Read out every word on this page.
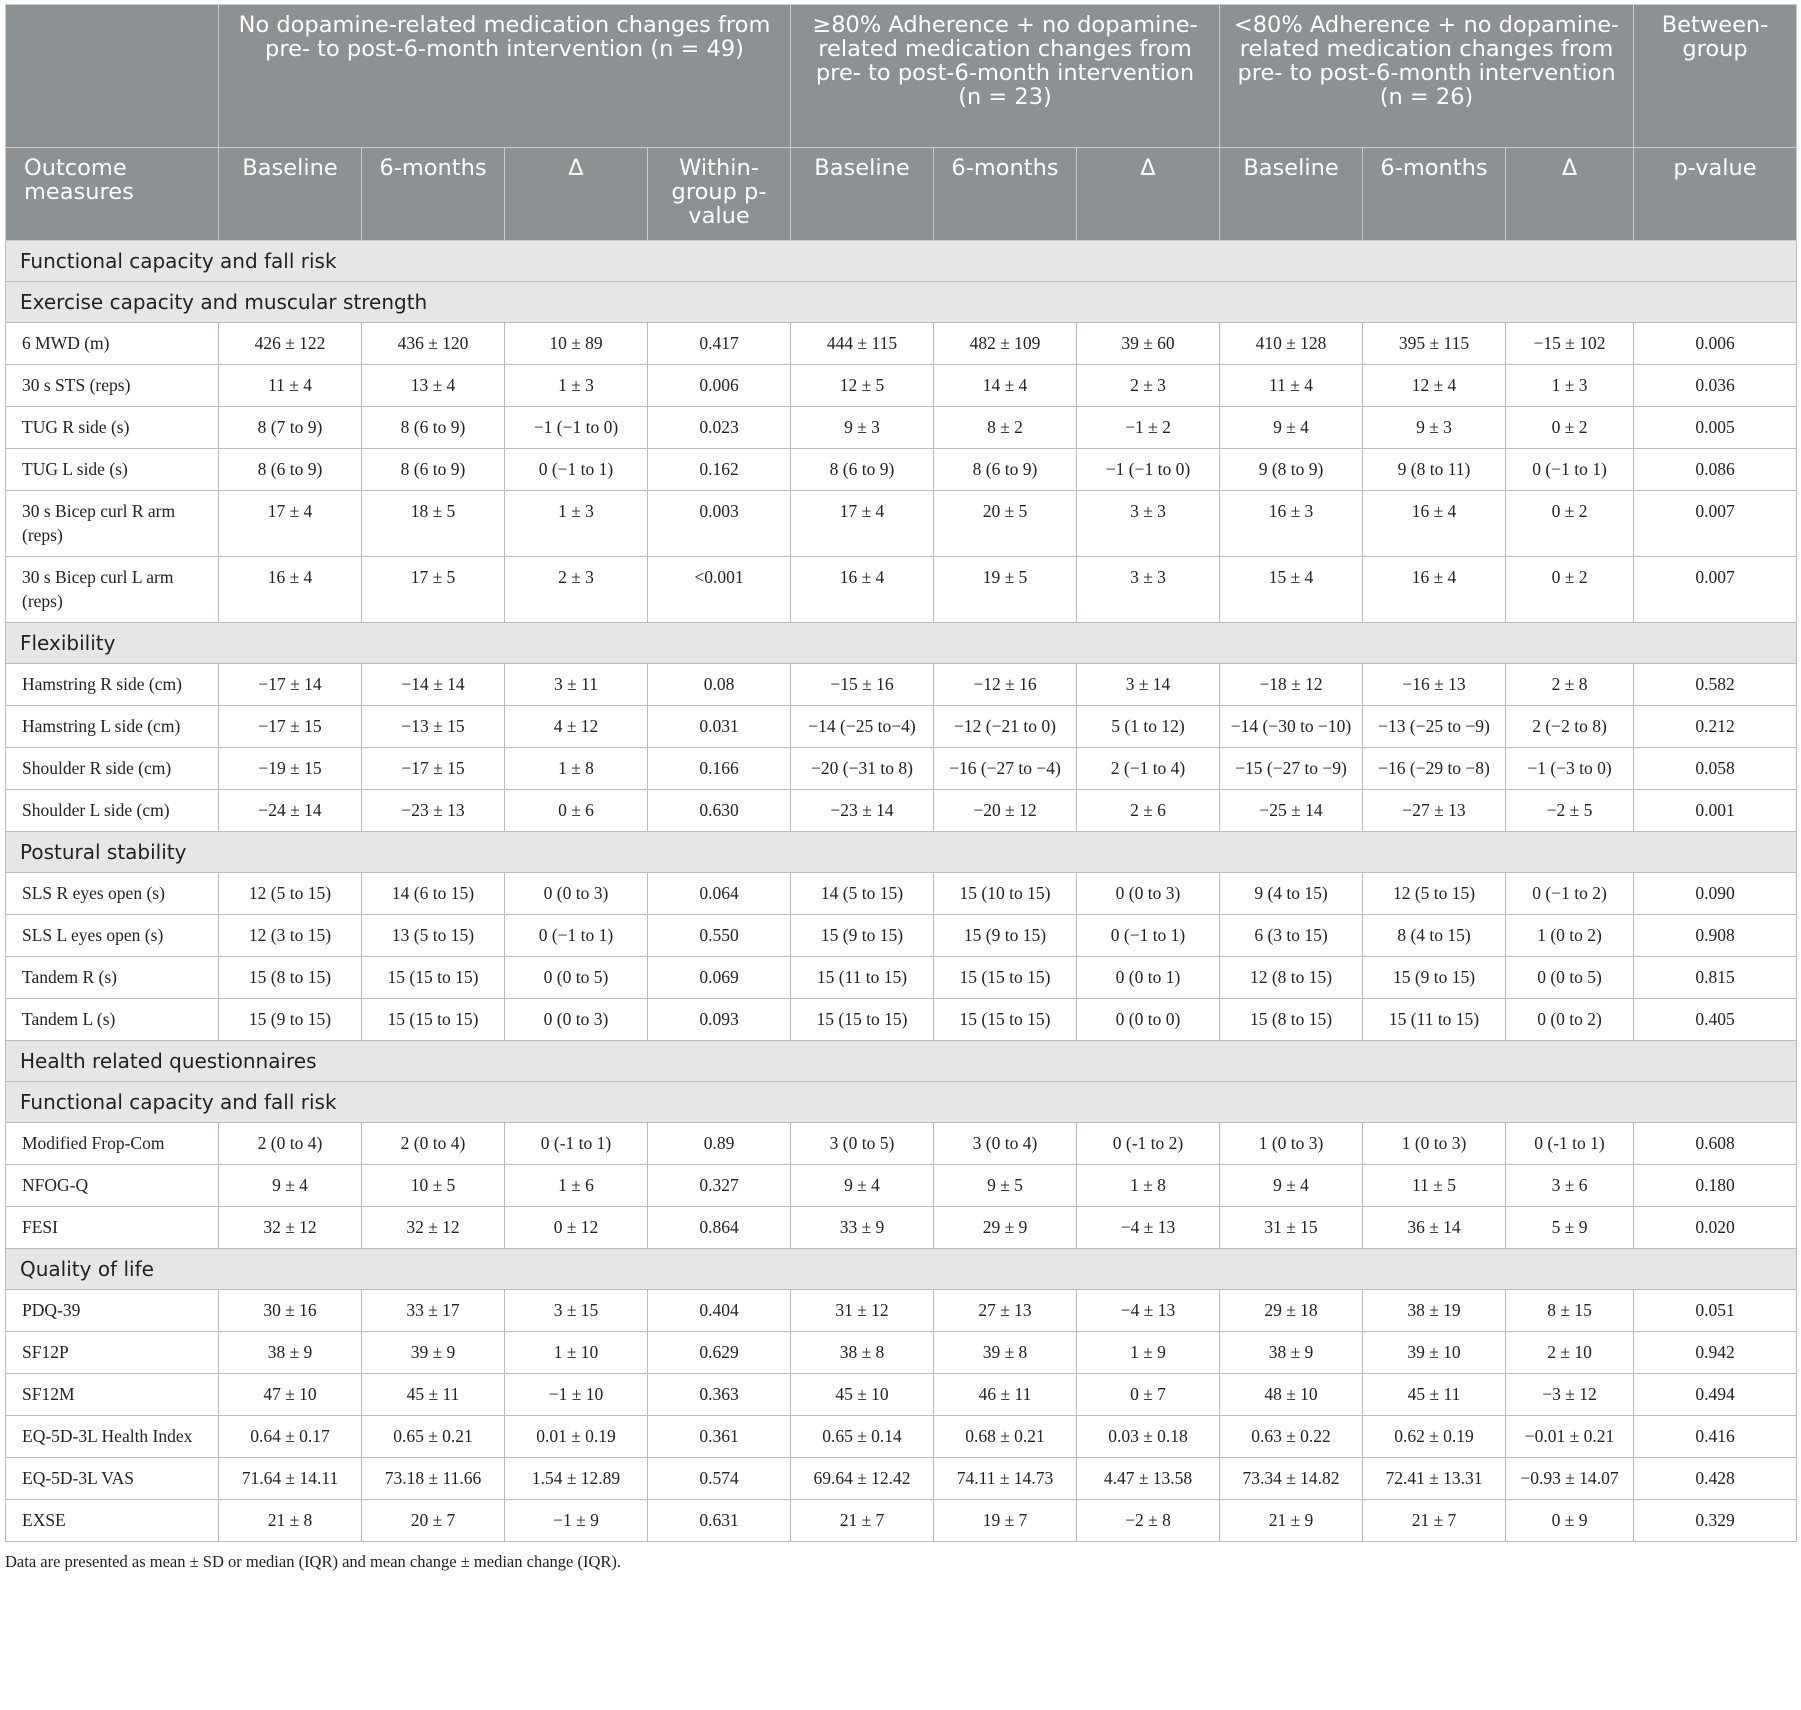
	No dopamine-related medication changes from pre- to post-6-month intervention (n = 49)				≥80% Adherence + no dopamine-related medication changes from pre- to post-6-month intervention (n = 23)			<80% Adherence + no dopamine-related medication changes from pre- to post-6-month intervention (n = 26)			Between-group
Outcome measures	Baseline	6-months	Δ	Within-group p-value	Baseline	6-months	Δ	Baseline	6-months	Δ	p-value
Functional capacity and fall risk											
Exercise capacity and muscular strength											
6 MWD (m)	426 ± 122	436 ± 120	10 ± 89	0.417	444 ± 115	482 ± 109	39 ± 60	410 ± 128	395 ± 115	−15 ± 102	0.006
30 s STS (reps)	11 ± 4	13 ± 4	1 ± 3	0.006	12 ± 5	14 ± 4	2 ± 3	11 ± 4	12 ± 4	1 ± 3	0.036
TUG R side (s)	8 (7 to 9)	8 (6 to 9)	−1 (−1 to 0)	0.023	9 ± 3	8 ± 2	−1 ± 2	9 ± 4	9 ± 3	0 ± 2	0.005
TUG L side (s)	8 (6 to 9)	8 (6 to 9)	0 (−1 to 1)	0.162	8 (6 to 9)	8 (6 to 9)	−1 (−1 to 0)	9 (8 to 9)	9 (8 to 11)	0 (−1 to 1)	0.086
30 s Bicep curl R arm (reps)	17 ± 4	18 ± 5	1 ± 3	0.003	17 ± 4	20 ± 5	3 ± 3	16 ± 3	16 ± 4	0 ± 2	0.007
30 s Bicep curl L arm (reps)	16 ± 4	17 ± 5	2 ± 3	<0.001	16 ± 4	19 ± 5	3 ± 3	15 ± 4	16 ± 4	0 ± 2	0.007
Flexibility											
Hamstring R side (cm)	−17 ± 14	−14 ± 14	3 ± 11	0.08	−15 ± 16	−12 ± 16	3 ± 14	−18 ± 12	−16 ± 13	2 ± 8	0.582
Hamstring L side (cm)	−17 ± 15	−13 ± 15	4 ± 12	0.031	−14 (−25 to−4)	−12 (−21 to 0)	5 (1 to 12)	−14 (−30 to −10)	−13 (−25 to −9)	2 (−2 to 8)	0.212
Shoulder R side (cm)	−19 ± 15	−17 ± 15	1 ± 8	0.166	−20 (−31 to 8)	−16 (−27 to −4)	2 (−1 to 4)	−15 (−27 to −9)	−16 (−29 to −8)	−1 (−3 to 0)	0.058
Shoulder L side (cm)	−24 ± 14	−23 ± 13	0 ± 6	0.630	−23 ± 14	−20 ± 12	2 ± 6	−25 ± 14	−27 ± 13	−2 ± 5	0.001
Postural stability											
SLS R eyes open (s)	12 (5 to 15)	14 (6 to 15)	0 (0 to 3)	0.064	14 (5 to 15)	15 (10 to 15)	0 (0 to 3)	9 (4 to 15)	12 (5 to 15)	0 (−1 to 2)	0.090
SLS L eyes open (s)	12 (3 to 15)	13 (5 to 15)	0 (−1 to 1)	0.550	15 (9 to 15)	15 (9 to 15)	0 (−1 to 1)	6 (3 to 15)	8 (4 to 15)	1 (0 to 2)	0.908
Tandem R (s)	15 (8 to 15)	15 (15 to 15)	0 (0 to 5)	0.069	15 (11 to 15)	15 (15 to 15)	0 (0 to 1)	12 (8 to 15)	15 (9 to 15)	0 (0 to 5)	0.815
Tandem L (s)	15 (9 to 15)	15 (15 to 15)	0 (0 to 3)	0.093	15 (15 to 15)	15 (15 to 15)	0 (0 to 0)	15 (8 to 15)	15 (11 to 15)	0 (0 to 2)	0.405
Health related questionnaires											
Functional capacity and fall risk											
Modified Frop-Com	2 (0 to 4)	2 (0 to 4)	0 (-1 to 1)	0.89	3 (0 to 5)	3 (0 to 4)	0 (-1 to 2)	1 (0 to 3)	1 (0 to 3)	0 (-1 to 1)	0.608
NFOG-Q	9 ± 4	10 ± 5	1 ± 6	0.327	9 ± 4	9 ± 5	1 ± 8	9 ± 4	11 ± 5	3 ± 6	0.180
FESI	32 ± 12	32 ± 12	0 ± 12	0.864	33 ± 9	29 ± 9	−4 ± 13	31 ± 15	36 ± 14	5 ± 9	0.020
Quality of life											
PDQ-39	30 ± 16	33 ± 17	3 ± 15	0.404	31 ± 12	27 ± 13	−4 ± 13	29 ± 18	38 ± 19	8 ± 15	0.051
SF12P	38 ± 9	39 ± 9	1 ± 10	0.629	38 ± 8	39 ± 8	1 ± 9	38 ± 9	39 ± 10	2 ± 10	0.942
SF12M	47 ± 10	45 ± 11	−1 ± 10	0.363	45 ± 10	46 ± 11	0 ± 7	48 ± 10	45 ± 11	−3 ± 12	0.494
EQ-5D-3L Health Index	0.64 ± 0.17	0.65 ± 0.21	0.01 ± 0.19	0.361	0.65 ± 0.14	0.68 ± 0.21	0.03 ± 0.18	0.63 ± 0.22	0.62 ± 0.19	−0.01 ± 0.21	0.416
EQ-5D-3L VAS	71.64 ± 14.11	73.18 ± 11.66	1.54 ± 12.89	0.574	69.64 ± 12.42	74.11 ± 14.73	4.47 ± 13.58	73.34 ± 14.82	72.41 ± 13.31	−0.93 ± 14.07	0.428
EXSE	21 ± 8	20 ± 7	−1 ± 9	0.631	21 ± 7	19 ± 7	−2 ± 8	21 ± 9	21 ± 7	0 ± 9	0.329
Data are presented as mean ± SD or median (IQR) and mean change ± median change (IQR).
